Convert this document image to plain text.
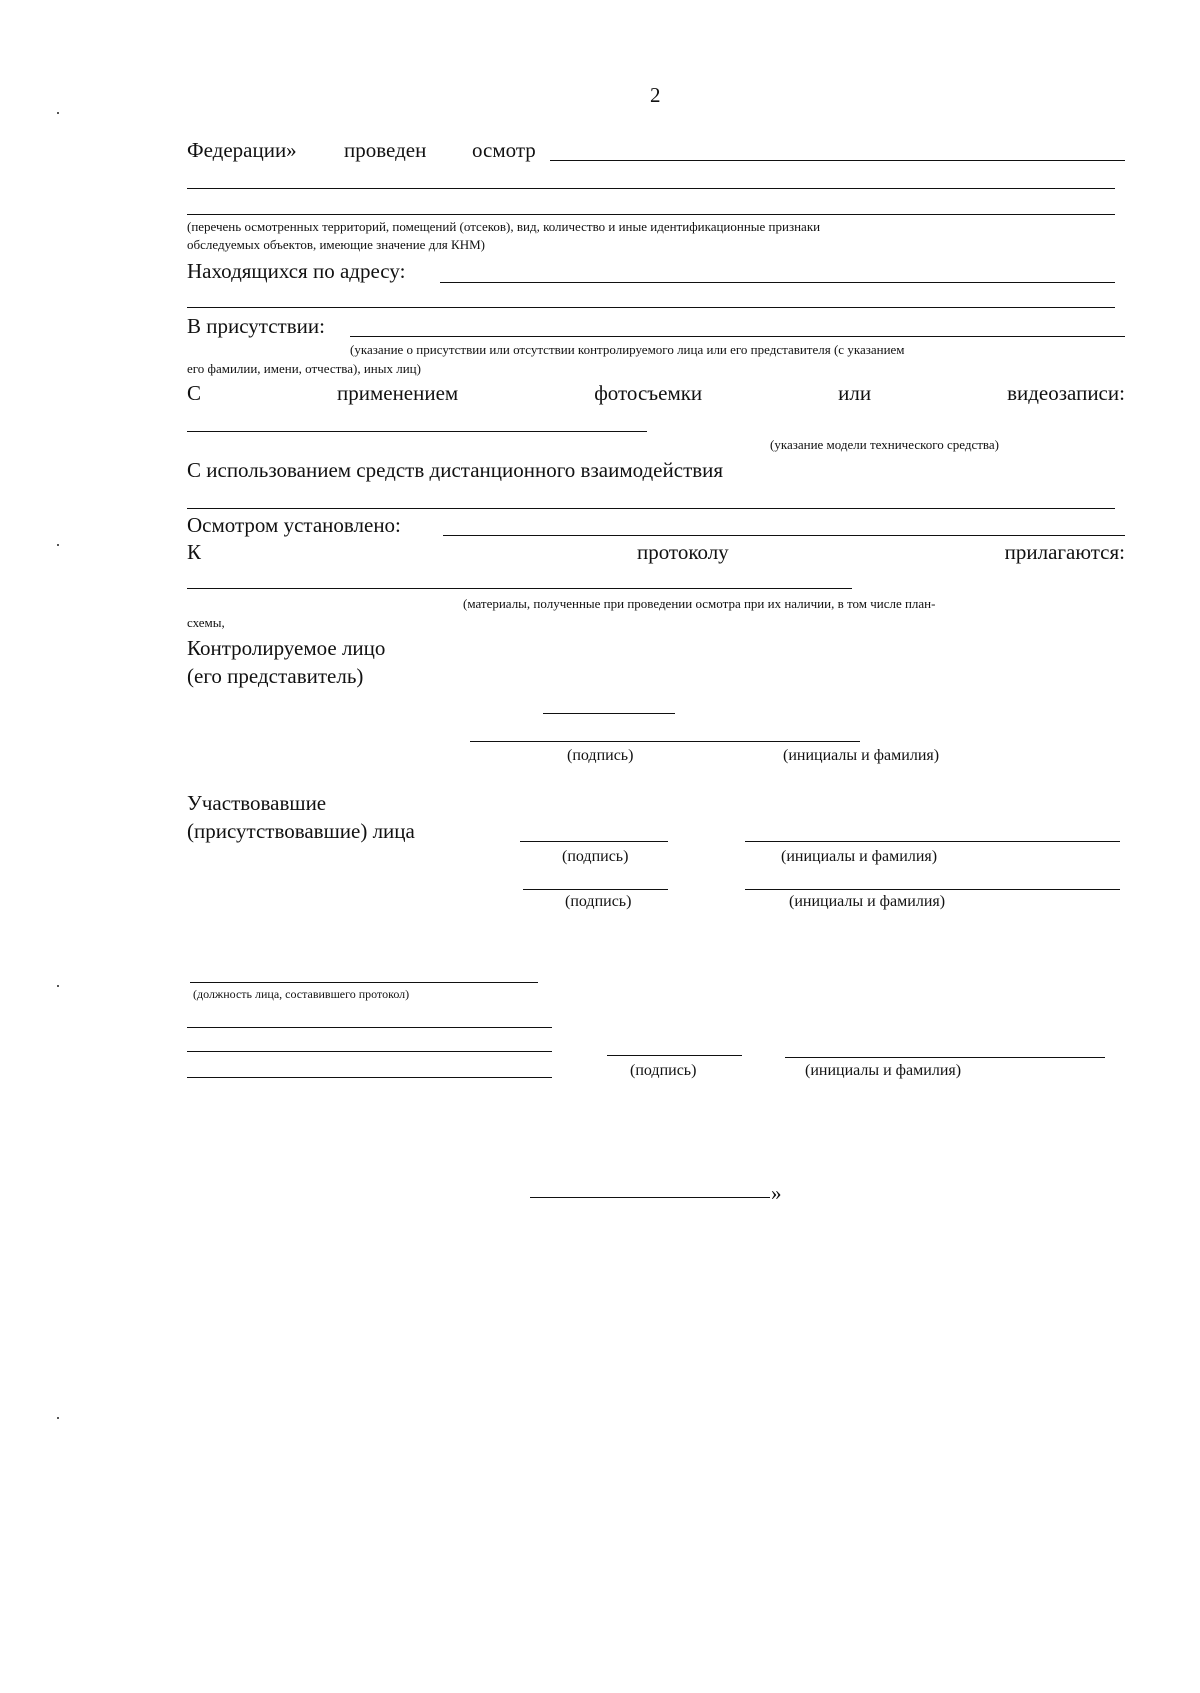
2
Федерации» проведен осмотр
(перечень осмотренных территорий, помещений (отсеков), вид, количество и иные идентификационные признаки
обследуемых объектов, имеющие значение для КНМ)
Находящихся по адресу:
В присутствии:
(указание о присутствии или отсутствии контролируемого лица или его представителя (с указанием
его фамилии, имени, отчества), иных лиц)
С	применением	фотосъемки	или	видеозаписи:
(указание модели технического средства)
С использованием средств дистанционного взаимодействия
Осмотром установлено:
К	протоколу	прилагаются:
(материалы, полученные при проведении осмотра при их наличии, в том числе план-
схемы,
Контролируемое лицо
(его представитель)
(подпись)	(инициалы и фамилия)
Участвовавшие
(присутствовавшие) лица
(подпись)	(инициалы и фамилия)
(подпись)	(инициалы и фамилия)
(должность лица, составившего протокол)
(подпись)	(инициалы и фамилия)
»
